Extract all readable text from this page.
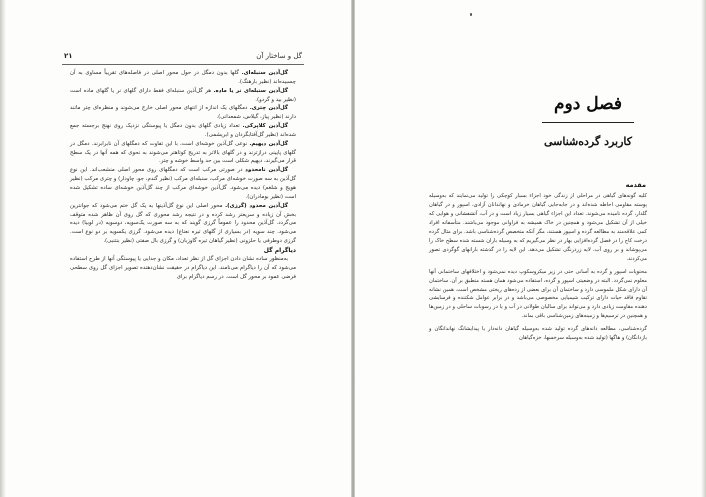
گل و ساختار آن
۲۱

گل‌آذین سنبله‌ای. گلها بدون دمگل در حول محور اصلی در فاصله‌های تقریباً مساوی به آن چسبیده‌اند (نظیر بارهنگ).

گل‌آذین سنبله‌ای نر یا ماده. هر گل‌آذین سنبله‌ای فقط دارای گلهای نر یا گلهای ماده است (نظیر بید و گردو).

گل‌آذین چتری. دمگلهای یک اندازه از انتهای محور اصلی خارج می‌شوند و منظره‌ای چتر مانند دارند (نظیر پیاز، گیلاس، شمعدانی).

گل‌آذین کلاپرکی. تعداد زیادی گلهای بدون دمگل یا پیوستگی نزدیک روی نهنج برجسته جمع شده‌اند (نظیر گل‌آفتابگردان و ابریشمی).

گل‌آذین دیهیم. نوعی گل‌آذین خوشه‌ای است، با این تفاوت که دمگلهای آن نابرابرند. دمگل در گلهای پایینی درازترند و در گلهای بالاتر به تدریج کوتاهتر می‌شوند به نحوی که همه آنها در یک سطح قرار می‌گیرند، دیهیم شکلی است بین حد واسط خوشه و چتر.

گل‌آذین نامحدود در صورتی مرکب است که دمگلهای روی محور اصلی منشعب‌اند. این نوع گل‌آذین به سه صورت خوشه‌ای مرکب، سنبله‌ای مرکب (نظیر گندم، جو، چاودار) و چتری مرکب (نظیر هویج و شلغم) دیده می‌شود. گل‌آذین خوشه‌ای مرکب از چند گل‌آذین خوشه‌ای ساده تشکیل شده است (نظیر بومادران).

گل‌آذین محدود (گرزی). محور اصلی این نوع گل‌آذینها به یک گل ختم می‌شود که جوانترین بخش آن زیاده و سریعتر رشد کرده و در نتیجه رشد محوری که گل روی آن ظاهر شده متوقف می‌گردد. گل‌آذین محدود را عموماً گرزی گویند که به سه صورت یک‌سویه، دوسویه (در لوبیا) دیده می‌شود. چند سویه (در بسیاری از گلهای تیره نعناع) دیده می‌شود. گرزی یکسویه بر دو نوع است. گرزی دوطرفی یا حلزونی (نظیر گیاهان تیره گاوزبان) و گرزی بال صفتی (نظیر بنتنبی).

دیاگرام گل

به‌منظور ساده نشان دادن اجزای گل از نظر تعداد، مکان و جدایی یا پیوستگی آنها از طرح استفاده می‌شود که آن را دیاگرام می‌نامند. این دیاگرام در حقیقت نشان‌دهنده تصویر اجزای گل روی سطحی فرضی عمود بر محور گل است. در رسم دیاگرام برای

فصل دوم
کاربرد گرده‌شناسی
مقدمه

کلیه گونه‌های گیاهی در مراحلی از زندگی خود اجزاء بسیار کوچکی را تولید می‌نمایند که به‌وسیله پوسته مقاومی احاطه شده‌اند و در جابه‌جایی گیاهان خرمادی و نهاندانان آزادی، اسپور و در گیاهان گلدار، گرده نامیده می‌شوند. تعداد این اجزاء گیاهی بسیار زیاد است و در آب، آتشفشانی و هوایی که خیلی از آن تشکیل می‌شود و همچنین در خاک همیشه به فراوانی موجود می‌باشند. متأسفانه افراد کمی علاقه‌مند به مطالعه گرده و اسپور هستند، مگر آنکه متخصص گرده‌شناسی باشد. برای مثال گرده درخت کاج را در فصل گرده‌افزایی بهار در نظر می‌گیریم که به وسیله باران شسته شده سطح خاک را می‌پوشاند و بر روی آب، لایه زردرنگی تشکیل می‌دهد. این لایه را در گذشته بارانهای گوگردی تصور می‌کردند.

محتویات اسپور و گرده به آسانی حتی در زیر میکروسکوپ دیده نمی‌شود و اختلافهای ساختمانی آنها معلوم نمی‌گردد. البته در وضعیتی اسپور و گرده، استفاده می‌شود همان هسته منطبق بر آن. ساختمان آن دارای شکل ملموسی دارد و ساختمان آن برای بعضی از رده‌های ریختی مشخص است. همین نشانه تقاوم فاقد حیات دارای ترکیب شیمیایی مخصوصی می‌باشد و در برابر عوامل شکننده و فرسایشی دهنده مقاومت زیادی دارد و می‌تواند برای سالیان طولانی در آب و یا در رسوبات ساحلی و در زمین‌ها و همچنین در ترسیم‌ها و زمینه‌های زمین‌شناسی باقی بماند.

گرده‌شناسی، مطالعه دانه‌های گرده تولید شده به‌وسیله گیاهان دانه‌دار یا پیدایشانگ نهاندانگان و بازدانگان) و هاگها (تولید شده به‌وسیله سرخسها، خزه‌گیاهان
